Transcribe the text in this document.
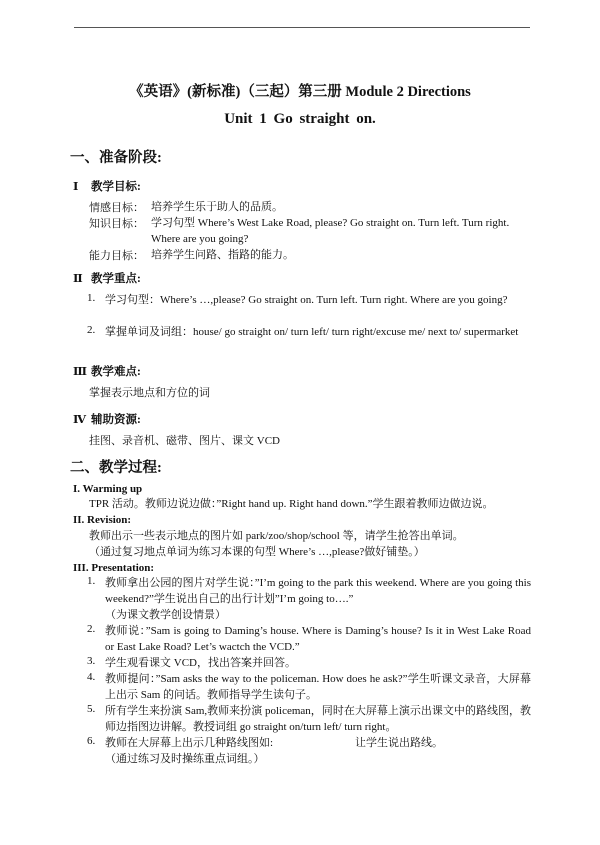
《英语》(新标准)（三起）第三册 Module 2 Directions
Unit 1 Go straight on.
一、准备阶段:
Ⅰ 教学目标:
情感目标： 培养学生乐于助人的品质。
知识目标： 学习句型 Where’s West Lake Road, please? Go straight on. Turn left. Turn right. Where are you going?
能力目标： 培养学生问路、指路的能力。
Ⅱ 教学重点:
1. 学习句型：Where’s …,please? Go straight on. Turn left. Turn right. Where are you going?
2. 掌握单词及词组：house/ go straight on/ turn left/ turn right/excuse me/ next to/ supermarket
Ⅲ 教学难点:
掌握表示地点和方位的词
Ⅳ 辅助资源:
挂图、录音机、磁带、图片、课文 VCD
二、教学过程:
I. Warming up
TPR 活动。教师边说边做：”Right hand up. Right hand down.”学生跟着教师边做边说。
II. Revision:
教师出示一些表示地点的图片如 park/zoo/shop/school 等，请学生抢答出单词。
（通过复习地点单词为练习本课的句型 Where’s …,please?做好铺垫。）
III. Presentation:
1. 教师拿出公园的图片对学生说：”I’m going to the park this weekend. Where are you going this weekend?”学生说出自己的出行计划”I’m going to….”
（为课文教学创设情景）
2. 教师说：”Sam is going to Daming’s house. Where is Daming’s house? Is it in West Lake Road or East Lake Road? Let’s wactch the VCD.”
3. 学生观看课文 VCD，找出答案并回答。
4. 教师提问：”Sam asks the way to the policeman. How does he ask?”学生听课文录音，大屏幕上出示 Sam 的问话。教师指导学生读句子。
5. 所有学生来扮演 Sam,教师来扮演 policeman，同时在大屏幕上演示出课文中的路线图，教师边指图边讲解。教授词组 go straight on/turn left/ turn right。
6. 教师在大屏幕上出示几种路线图如:	让学生说出路线。
（通过练习及时操练重点词组。）
